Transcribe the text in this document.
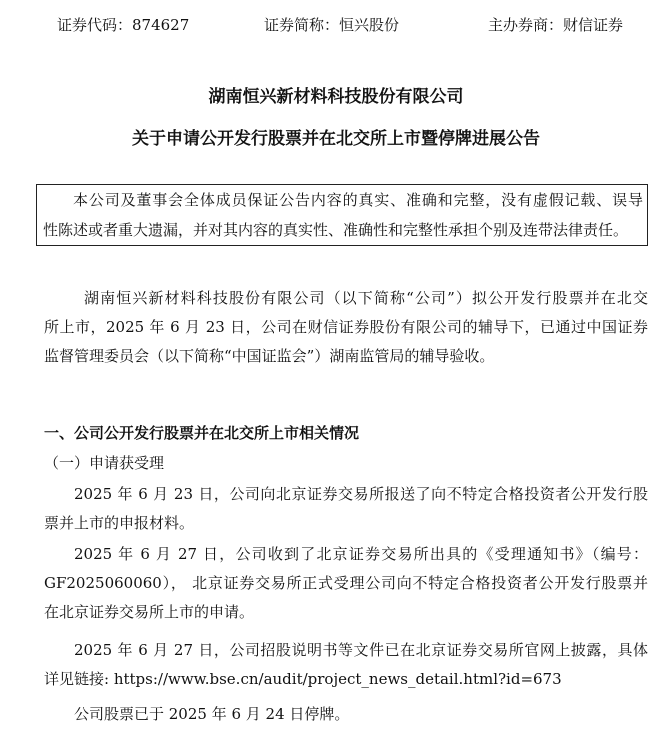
证券代码：874627	证券简称：恒兴股份	主办券商：财信证券
湖南恒兴新材料科技股份有限公司
关于申请公开发行股票并在北交所上市暨停牌进展公告
本公司及董事会全体成员保证公告内容的真实、准确和完整，没有虚假记载、误导
性陈述或者重大遗漏，并对其内容的真实性、准确性和完整性承担个别及连带法律责任。
湖南恒兴新材料科技股份有限公司（以下简称“公司”）拟公开发行股票并在北交
所上市，2025 年 6 月 23 日，公司在财信证券股份有限公司的辅导下，已通过中国证券
监督管理委员会（以下简称“中国证监会”）湖南监管局的辅导验收。
一、公司公开发行股票并在北交所上市相关情况
（一）申请获受理
2025 年 6 月 23 日，公司向北京证券交易所报送了向不特定合格投资者公开发行股
票并上市的申报材料。
2025 年 6 月 27 日，公司收到了北京证券交易所出具的《受理通知书》（编号：
GF2025060060）， 北京证券交易所正式受理公司向不特定合格投资者公开发行股票并
在北京证券交易所上市的申请。
2025 年 6 月 27 日，公司招股说明书等文件已在北京证券交易所官网上披露，具体
详见链接: https://www.bse.cn/audit/project_news_detail.html?id=673
公司股票已于 2025 年 6 月 24 日停牌。
